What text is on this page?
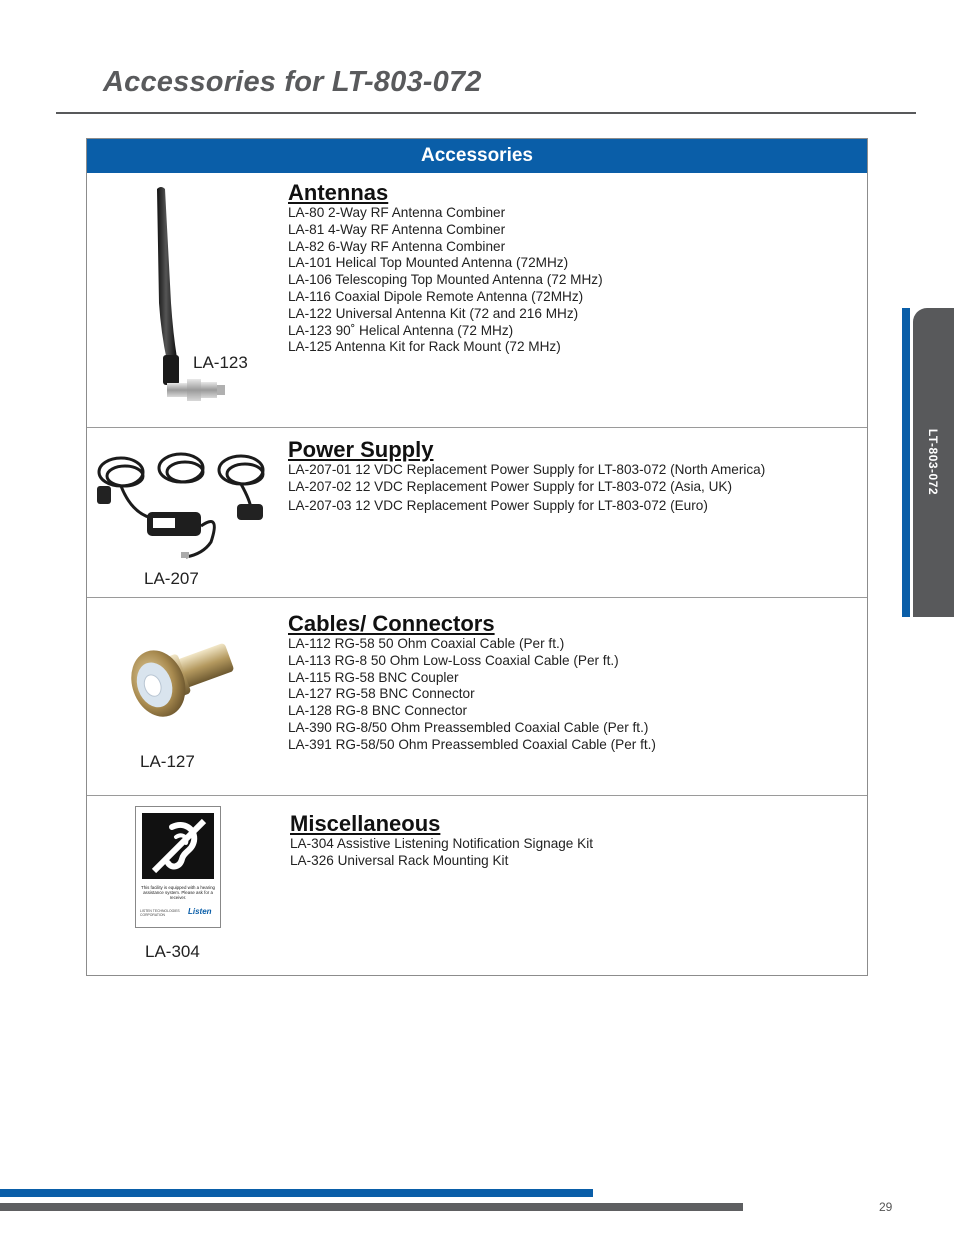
Accessories for LT-803-072
Accessories
LA-123
Antennas
LA-80 2-Way RF Antenna Combiner
LA-81 4-Way RF Antenna Combiner
LA-82 6-Way RF Antenna Combiner
LA-101 Helical Top Mounted Antenna (72MHz)
LA-106 Telescoping Top Mounted Antenna (72 MHz)
LA-116 Coaxial Dipole Remote Antenna (72MHz)
LA-122 Universal Antenna Kit (72 and 216 MHz)
LA-123 90˚ Helical Antenna (72 MHz)
LA-125 Antenna Kit for Rack Mount (72 MHz)
LA-207
Power Supply
LA-207-01 12 VDC Replacement Power Supply for LT-803-072 (North America)
LA-207-02 12 VDC Replacement Power Supply for LT-803-072 (Asia, UK)
LA-207-03 12 VDC Replacement Power Supply for LT-803-072 (Euro)
LA-127
Cables/ Connectors
LA-112 RG-58 50 Ohm Coaxial Cable (Per ft.)
LA-113 RG-8 50 Ohm Low-Loss Coaxial Cable (Per ft.)
LA-115 RG-58 BNC Coupler
LA-127 RG-58 BNC Connector
LA-128 RG-8 BNC Connector
LA-390 RG-8/50 Ohm Preassembled Coaxial Cable (Per ft.)
LA-391 RG-58/50 Ohm Preassembled Coaxial Cable (Per ft.)
This facility is equipped with a hearing assistance system. Please ask for a receiver.
LISTEN TECHNOLOGIES CORPORATION	Listen
LA-304
Miscellaneous
LA-304 Assistive Listening Notification Signage Kit
LA-326 Universal Rack Mounting Kit
LT-803-072
29
